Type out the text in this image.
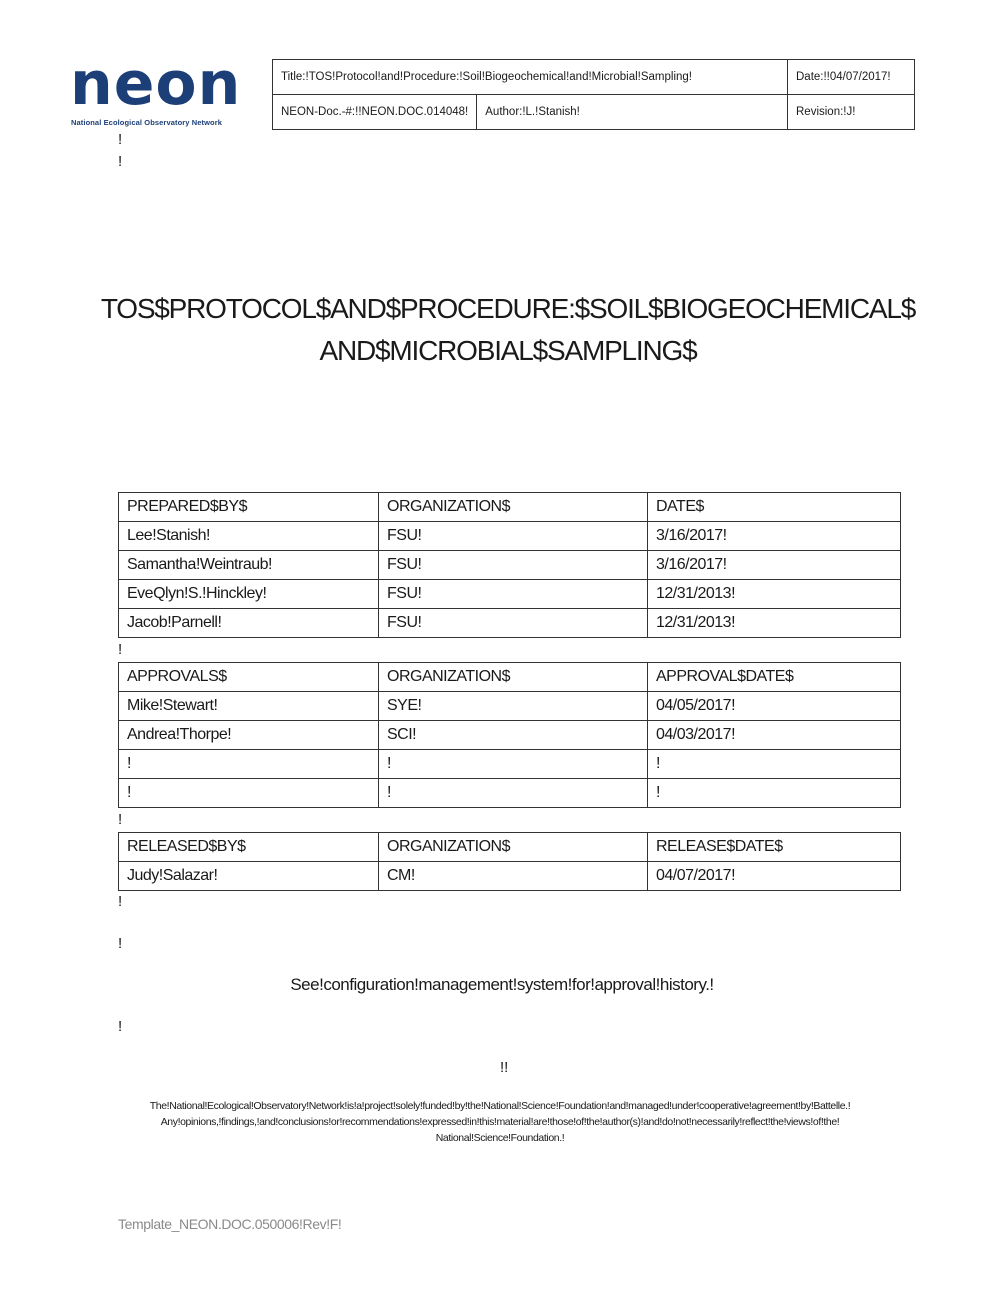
neon
National Ecological Observatory Network
Title:!TOS!Protocol!and!Procedure:!Soil!Biogeochemical!and!Microbial!Sampling!		Date:!!04/07/2017!
NEON-Doc.-#:!!NEON.DOC.014048!	Author:!L.!Stanish!	Revision:!J!
!
!
TOS$PROTOCOL$AND$PROCEDURE:$SOIL$BIOGEOCHEMICAL$
AND$MICROBIAL$SAMPLING$
PREPARED$BY$	ORGANIZATION$	DATE$
Lee!Stanish!	FSU!	3/16/2017!
Samantha!Weintraub!	FSU!	3/16/2017!
EveQlyn!S.!Hinckley!	FSU!	12/31/2013!
Jacob!Parnell!	FSU!	12/31/2013!
!
APPROVALS$	ORGANIZATION$	APPROVAL$DATE$
Mike!Stewart!	SYE!	04/05/2017!
Andrea!Thorpe!	SCI!	04/03/2017!
!	!	!
!	!	!
!
RELEASED$BY$	ORGANIZATION$	RELEASE$DATE$
Judy!Salazar!	CM!	04/07/2017!
!
!
See!configuration!management!system!for!approval!history.!
!
!!
The!National!Ecological!Observatory!Network!is!a!project!solely!funded!by!the!National!Science!Foundation!and!managed!under!cooperative!agreement!by!Battelle.!
Any!opinions,!findings,!and!conclusions!or!recommendations!expressed!in!this!material!are!those!of!the!author(s)!and!do!not!necessarily!reflect!the!views!of!the!
National!Science!Foundation.!
Template_NEON.DOC.050006!Rev!F!
